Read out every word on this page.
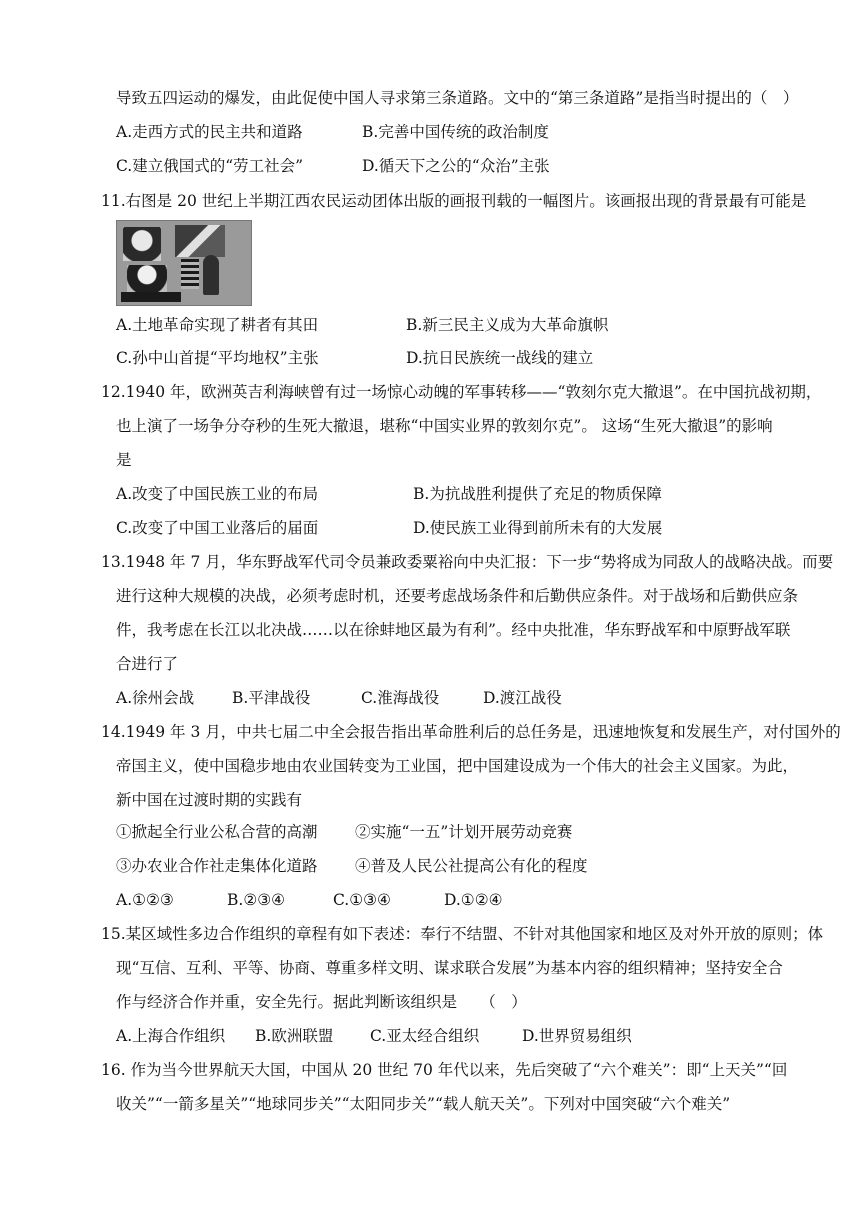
导致五四运动的爆发，由此促使中国人寻求第三条道路。文中的“第三条道路”是指当时提出的（　）
A.走西方式的民主共和道路	B.完善中国传统的政治制度
C.建立俄国式的“劳工社会”	D.循天下之公的“众治”主张
11.右图是 20 世纪上半期江西农民运动团体出版的画报刊载的一幅图片。该画报出现的背景最有可能是
A.土地革命实现了耕者有其田	B.新三民主义成为大革命旗帜
C.孙中山首提“平均地权”主张	D.抗日民族统一战线的建立
12.1940 年，欧洲英吉利海峡曾有过一场惊心动魄的军事转移——“敦刻尔克大撤退”。在中国抗战初期，
也上演了一场争分夺秒的生死大撤退，堪称“中国实业界的敦刻尔克”。 这场“生死大撤退”的影响
是
A.改变了中国民族工业的布局	B.为抗战胜利提供了充足的物质保障
C.改变了中国工业落后的届面	D.使民族工业得到前所未有的大发展
13.1948 年 7 月，华东野战军代司令员兼政委粟裕向中央汇报：下一步“势将成为同敌人的战略决战。而要
进行这种大规模的决战，必须考虑时机，还要考虑战场条件和后勤供应条件。对于战场和后勤供应条
件，我考虑在长江以北决战……以在徐蚌地区最为有利”。经中央批准，华东野战军和中原野战军联
合进行了
A.徐州会战 B.平津战役	C.淮海战役	D.渡江战役
14.1949 年 3 月，中共七届二中全会报告指出革命胜利后的总任务是，迅速地恢复和发展生产，对付国外的
帝国主义，使中国稳步地由农业国转变为工业国，把中国建设成为一个伟大的社会主义国家。为此，
新中国在过渡时期的实践有
①掀起全行业公私合营的高潮 ②实施“一五”计划开展劳动竞赛
③办农业合作社走集体化道路 ④普及人民公社提高公有化的程度
A.①②③	B.②③④	C.①③④	D.①②④
15.某区域性多边合作组织的章程有如下表述：奉行不结盟、不针对其他国家和地区及对外开放的原则；体
现“互信、互利、平等、协商、尊重多样文明、谋求联合发展”为基本内容的组织精神；坚持安全合
作与经济合作并重，安全先行。据此判断该组织是　　（　）
A.上海合作组织 B.欧洲联盟 C.亚太经合组织	D.世界贸易组织
16. 作为当今世界航天大国，中国从 20 世纪 70 年代以来，先后突破了“六个难关”：即“上天关”“回
收关”“一箭多星关”“地球同步关”“太阳同步关”“载人航天关”。下列对中国突破“六个难关”
